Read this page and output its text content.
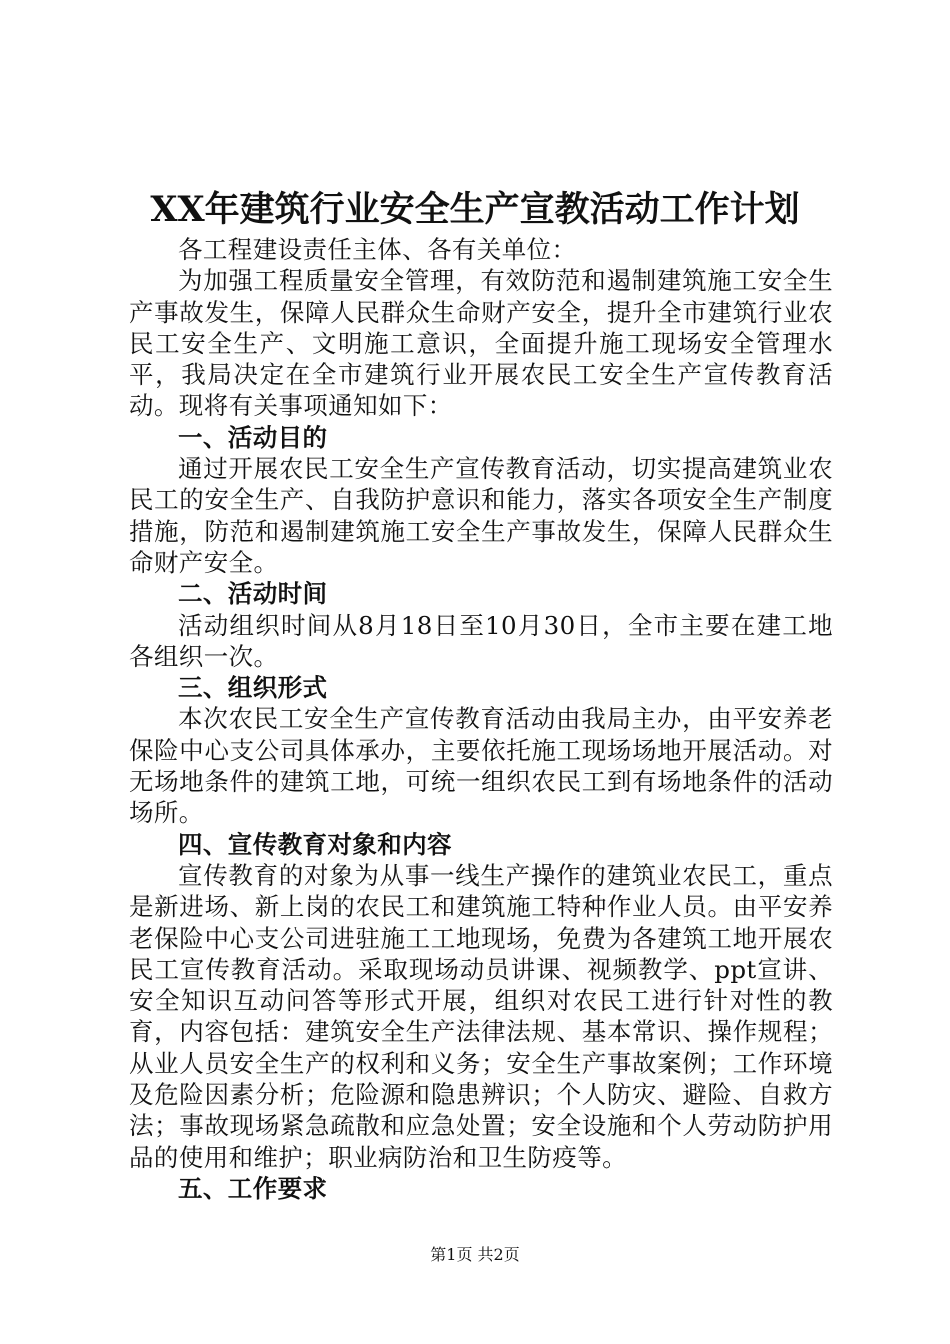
XX年建筑行业安全生产宣教活动工作计划

各工程建设责任主体、各有关单位：

为加强工程质量安全管理，有效防范和遏制建筑施工安全生产事故发生，保障人民群众生命财产安全，提升全市建筑行业农民工安全生产、文明施工意识，全面提升施工现场安全管理水平，我局决定在全市建筑行业开展农民工安全生产宣传教育活动。现将有关事项通知如下：

一、活动目的

通过开展农民工安全生产宣传教育活动，切实提高建筑业农民工的安全生产、自我防护意识和能力，落实各项安全生产制度措施，防范和遏制建筑施工安全生产事故发生，保障人民群众生命财产安全。

二、活动时间

活动组织时间从8月18日至10月30日，全市主要在建工地各组织一次。

三、组织形式

本次农民工安全生产宣传教育活动由我局主办，由平安养老保险中心支公司具体承办，主要依托施工现场场地开展活动。对无场地条件的建筑工地，可统一组织农民工到有场地条件的活动场所。

四、宣传教育对象和内容

宣传教育的对象为从事一线生产操作的建筑业农民工，重点是新进场、新上岗的农民工和建筑施工特种作业人员。由平安养老保险中心支公司进驻施工工地现场，免费为各建筑工地开展农民工宣传教育活动。采取现场动员讲课、视频教学、ppt宣讲、安全知识互动问答等形式开展，组织对农民工进行针对性的教育，内容包括：建筑安全生产法律法规、基本常识、操作规程；从业人员安全生产的权利和义务；安全生产事故案例；工作环境及危险因素分析；危险源和隐患辨识；个人防灾、避险、自救方法；事故现场紧急疏散和应急处置；安全设施和个人劳动防护用品的使用和维护；职业病防治和卫生防疫等。

五、工作要求
第1页 共2页
